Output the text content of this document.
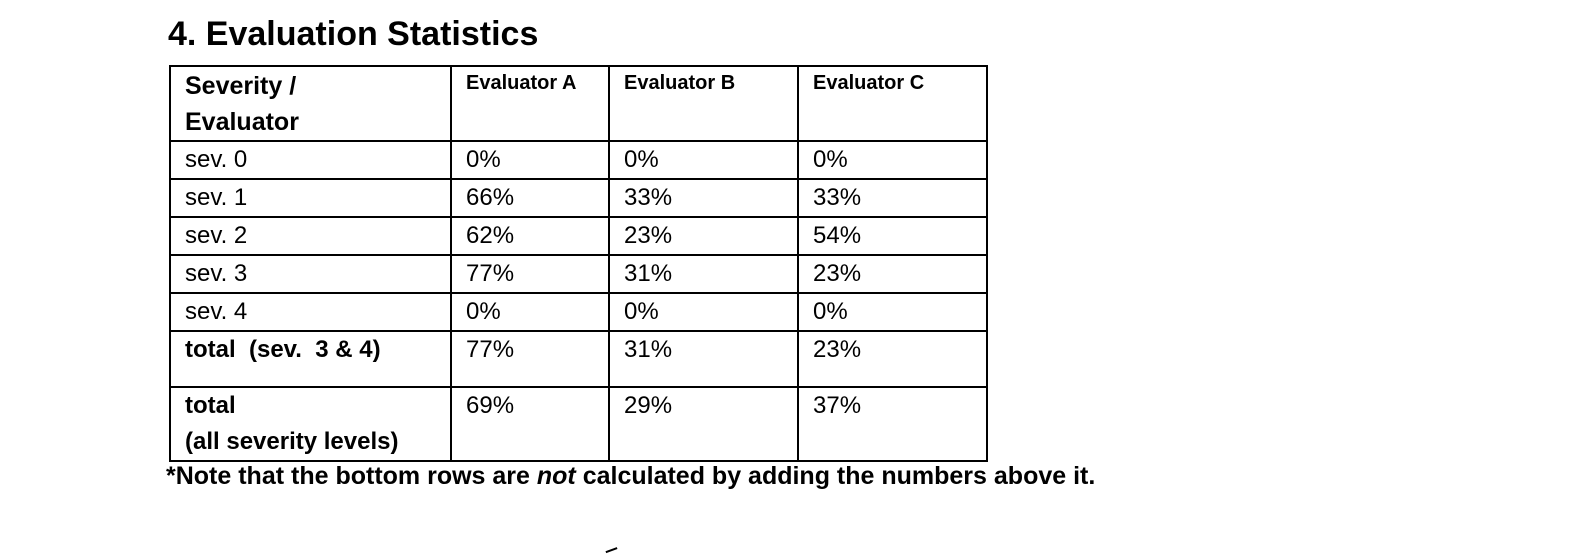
4. Evaluation Statistics
Severity /
Evaluator	Evaluator A	Evaluator B	Evaluator C

sev. 0	0%	0%	0%

sev. 1	66%	33%	33%

sev. 2	62%	23%	54%

sev. 3	77%	31%	23%

sev. 4	0%	0%	0%

total  (sev.  3 & 4)	77%	31%	23%

total
(all severity levels)	69%	29%	37%
*Note that the bottom rows are not calculated by adding the numbers above it.
